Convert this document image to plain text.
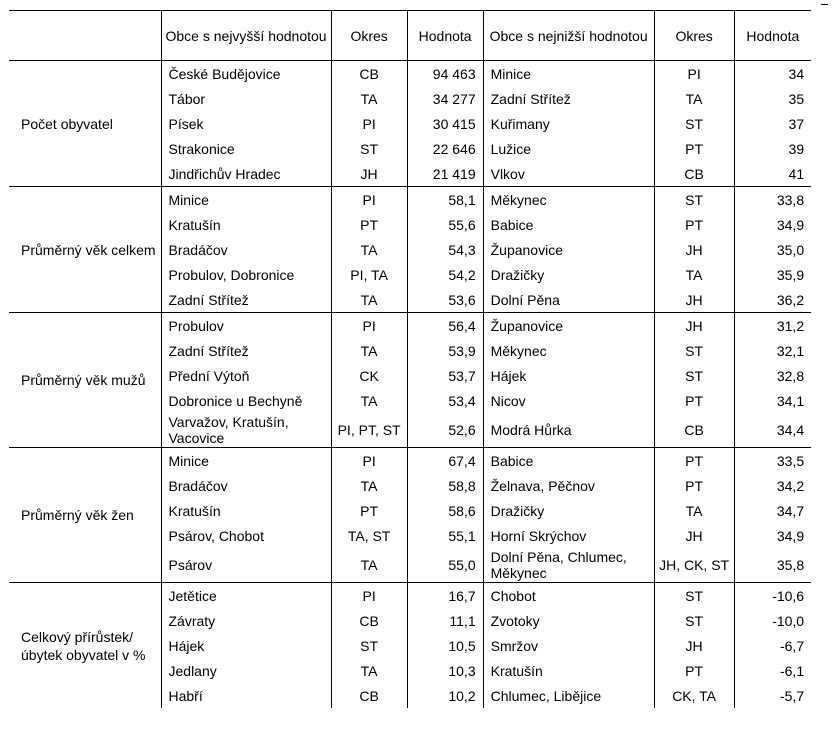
	Obce s nejvyšší hodnotou	Okres	Hodnota	Obce s nejnižší hodnotou	Okres	Hodnota
Počet obyvatel	České Budějovice	CB	94 463	Minice	PI	34
	Tábor	TA	34 277	Zadní Střítež	TA	35
	Písek	PI	30 415	Kuřimany	ST	37
	Strakonice	ST	22 646	Lužice	PT	39
	Jindřichův Hradec	JH	21 419	Vlkov	CB	41
Průměrný věk celkem	Minice	PI	58,1	Měkynec	ST	33,8
	Kratušín	PT	55,6	Babice	PT	34,9
	Bradáčov	TA	54,3	Županovice	JH	35,0
	Probulov, Dobronice	PI, TA	54,2	Dražičky	TA	35,9
	Zadní Střítež	TA	53,6	Dolní Pěna	JH	36,2
Průměrný věk mužů	Probulov	PI	56,4	Županovice	JH	31,2
	Zadní Střítež	TA	53,9	Měkynec	ST	32,1
	Přední Výtoň	CK	53,7	Hájek	ST	32,8
	Dobronice u Bechyně	TA	53,4	Nicov	PT	34,1
	Varvažov, Kratušín, Vacovice	PI, PT, ST	52,6	Modrá Hůrka	CB	34,4
Průměrný věk žen	Minice	PI	67,4	Babice	PT	33,5
	Bradáčov	TA	58,8	Želnava, Pěčnov	PT	34,2
	Kratušín	PT	58,6	Dražičky	TA	34,7
	Psárov, Chobot	TA, ST	55,1	Horní Skrýchov	JH	34,9
	Psárov	TA	55,0	Dolní Pěna, Chlumec, Měkynec	JH, CK, ST	35,8
Celkový přírůstek/ úbytek obyvatel v %	Jetětice	PI	16,7	Chobot	ST	-10,6
	Závraty	CB	11,1	Zvotoky	ST	-10,0
	Hájek	ST	10,5	Smržov	JH	-6,7
	Jedlany	TA	10,3	Kratušín	PT	-6,1
	Habří	CB	10,2	Chlumec, Libějice	CK, TA	-5,7
